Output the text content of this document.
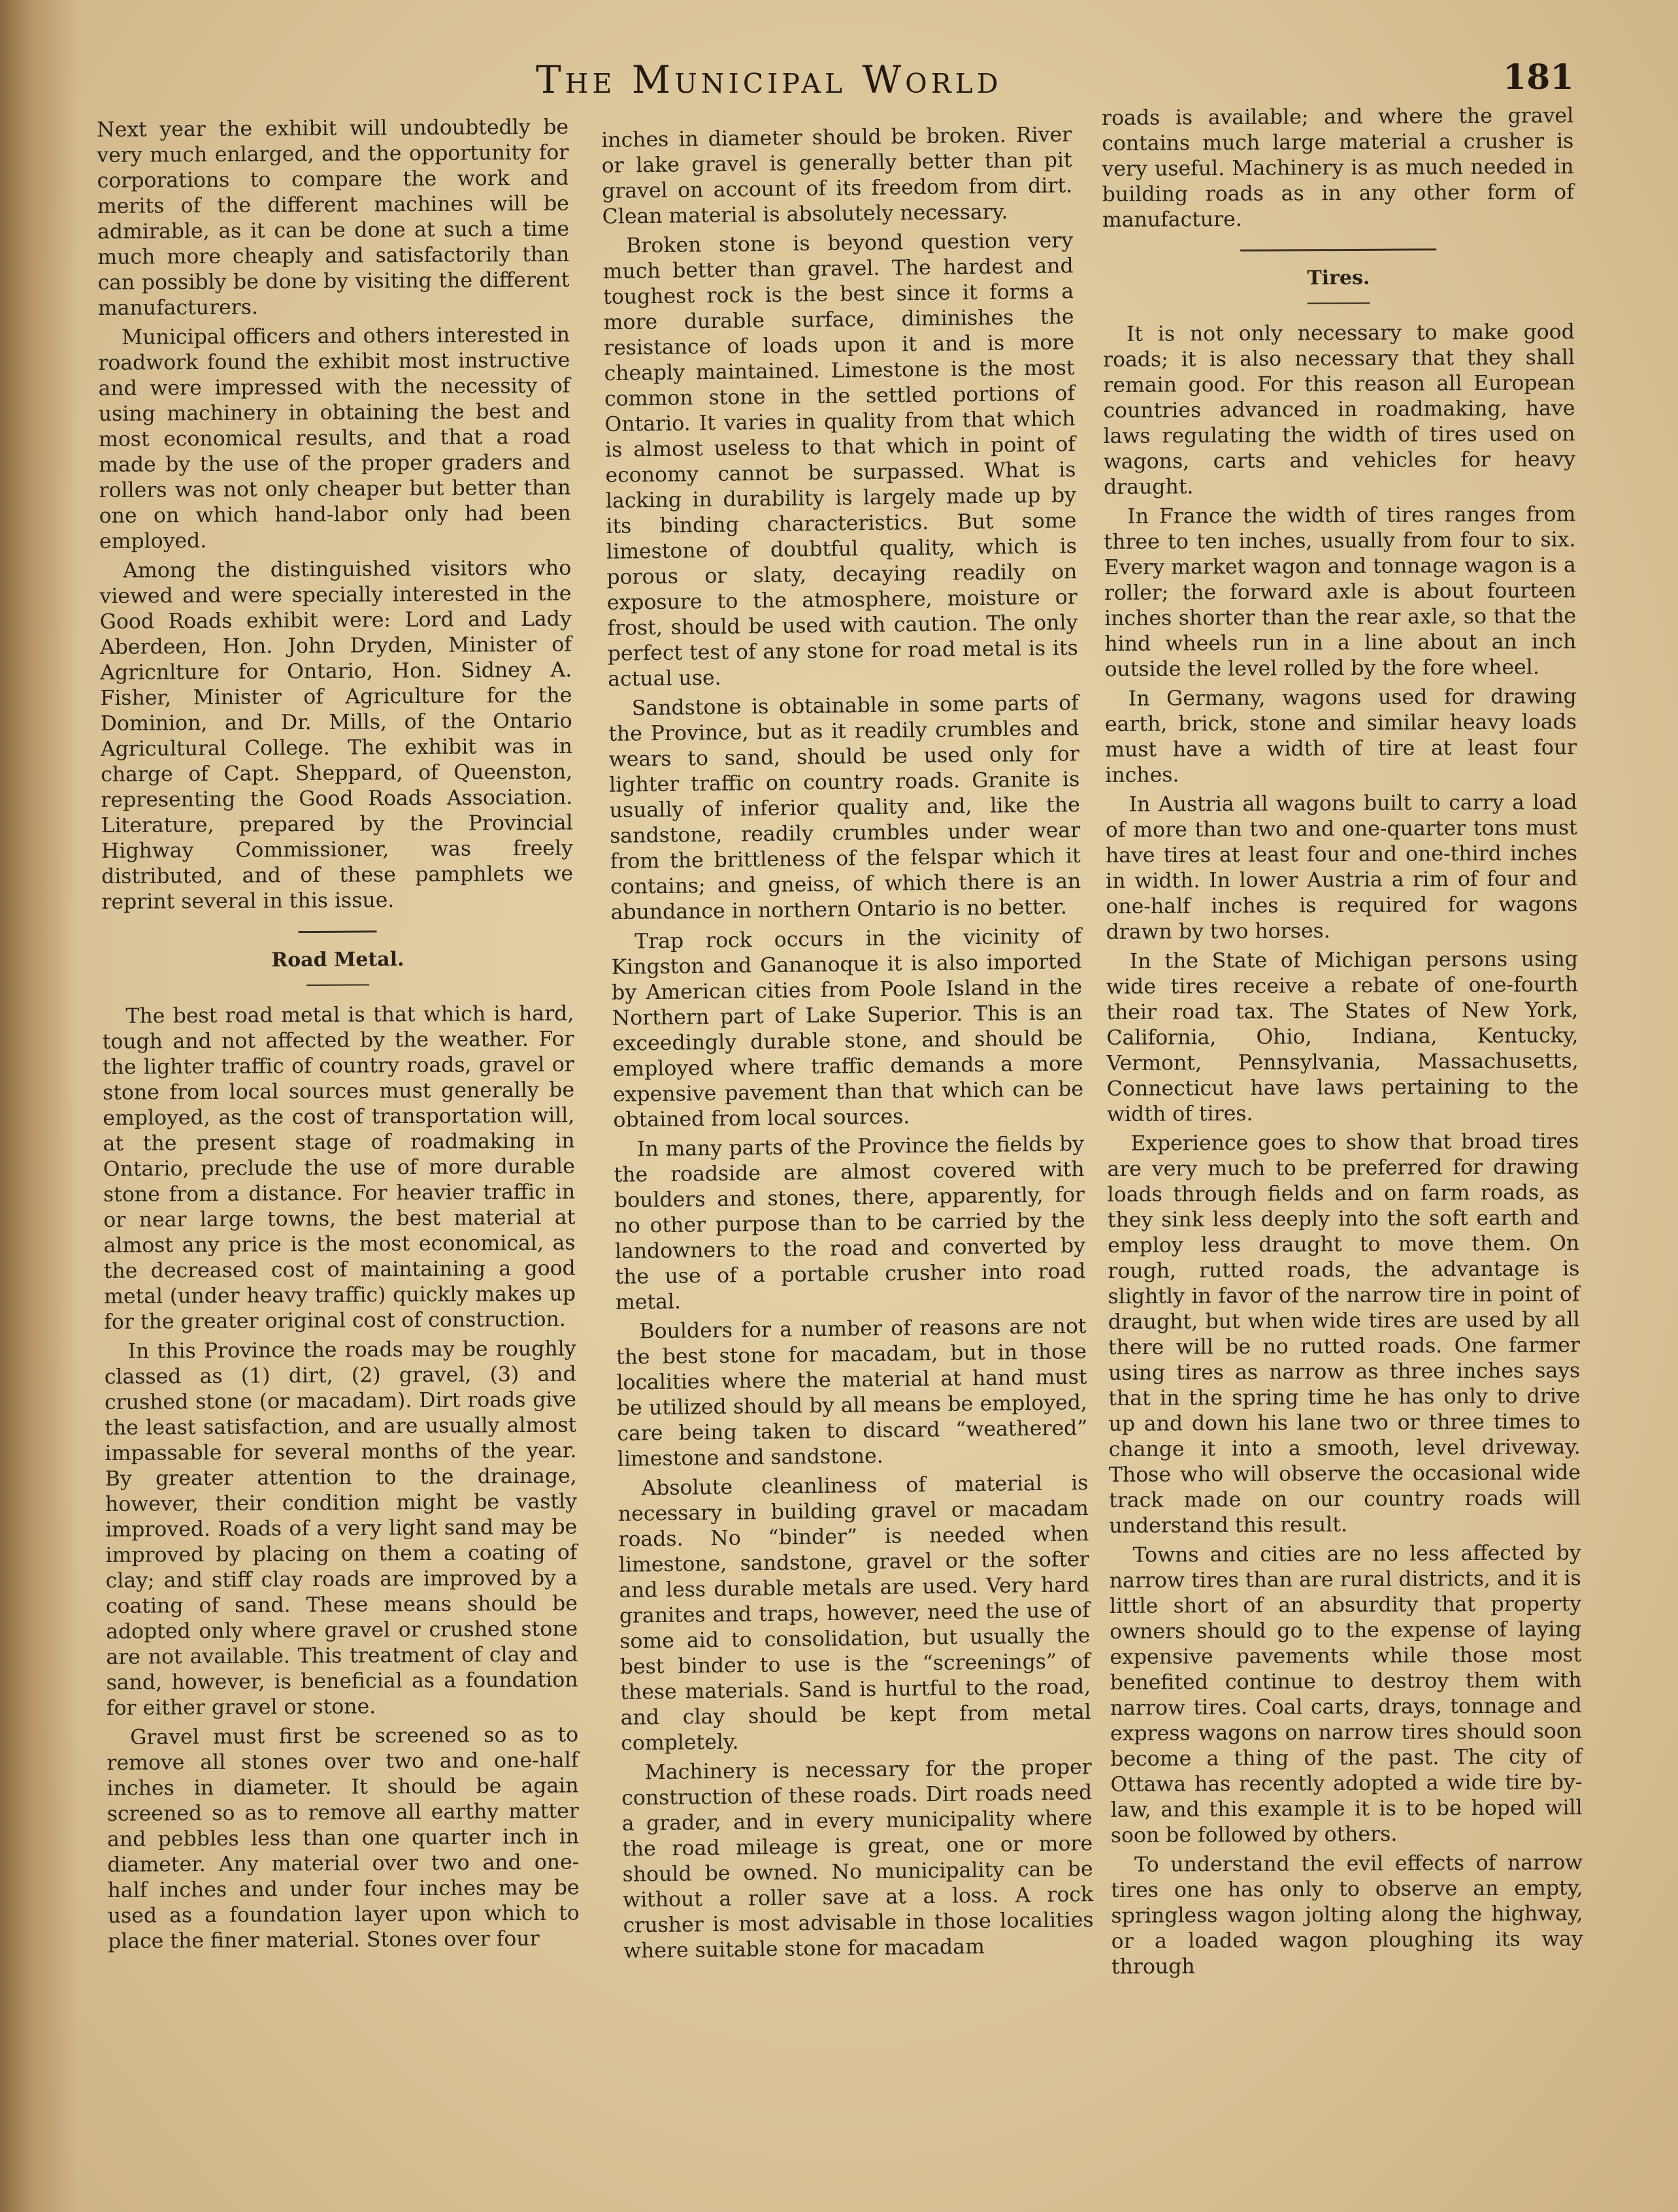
The Municipal World	181

Next year the exhibit will undoubtedly be very much enlarged, and the opportunity for corporations to compare the work and merits of the different machines will be admirable, as it can be done at such a time much more cheaply and satisfactorily than can possibly be done by visiting the different manufacturers.

Municipal officers and others interested in roadwork found the exhibit most instructive and were impressed with the necessity of using machinery in obtaining the best and most economical results, and that a road made by the use of the proper graders and rollers was not only cheaper but better than one on which hand-labor only had been employed.

Among the distinguished visitors who viewed and were specially interested in the Good Roads exhibit were: Lord and Lady Aberdeen, Hon. John Dryden, Minister of Agricnlture for Ontario, Hon. Sidney A. Fisher, Minister of Agriculture for the Dominion, and Dr. Mills, of the Ontario Agricultural College. The exhibit was in charge of Capt. Sheppard, of Queenston, representing the Good Roads Association. Literature, prepared by the Provincial Highway Commissioner, was freely distributed, and of these pamphlets we reprint several in this issue.

Road Metal.

The best road metal is that which is hard, tough and not affected by the weather. For the lighter traffic of country roads, gravel or stone from local sources must generally be employed, as the cost of transportation will, at the present stage of roadmaking in Ontario, preclude the use of more durable stone from a distance. For heavier traffic in or near large towns, the best material at almost any price is the most economical, as the decreased cost of maintaining a good metal (under heavy traffic) quickly makes up for the greater original cost of construction.

In this Province the roads may be roughly classed as (1) dirt, (2) gravel, (3) and crushed stone (or macadam). Dirt roads give the least satisfaction, and are usually almost impassable for several months of the year. By greater attention to the drainage, however, their condition might be vastly improved. Roads of a very light sand may be improved by placing on them a coating of clay; and stiff clay roads are improved by a coating of sand. These means should be adopted only where gravel or crushed stone are not available. This treatment of clay and sand, however, is beneficial as a foundation for either gravel or stone.

Gravel must first be screened so as to remove all stones over two and one-half inches in diameter. It should be again screened so as to remove all earthy matter and pebbles less than one quarter inch in diameter. Any material over two and one-half inches and under four inches may be used as a foundation layer upon which to place the finer material. Stones over four

inches in diameter should be broken. River or lake gravel is generally better than pit gravel on account of its freedom from dirt. Clean material is absolutely necessary.

Broken stone is beyond question very much better than gravel. The hardest and toughest rock is the best since it forms a more durable surface, diminishes the resistance of loads upon it and is more cheaply maintained. Limestone is the most common stone in the settled portions of Ontario. It varies in quality from that which is almost useless to that which in point of economy cannot be surpassed. What is lacking in durability is largely made up by its binding characteristics. But some limestone of doubtful quality, which is porous or slaty, decaying readily on exposure to the atmosphere, moisture or frost, should be used with caution. The only perfect test of any stone for road metal is its actual use.

Sandstone is obtainable in some parts of the Province, but as it readily crumbles and wears to sand, should be used only for lighter traffic on country roads. Granite is usually of inferior quality and, like the sandstone, readily crumbles under wear from the brittleness of the felspar which it contains; and gneiss, of which there is an abundance in northern Ontario is no better.

Trap rock occurs in the vicinity of Kingston and Gananoque it is also imported by American cities from Poole Island in the Northern part of Lake Superior. This is an exceedingly durable stone, and should be employed where traffic demands a more expensive pavement than that which can be obtained from local sources.

In many parts of the Province the fields by the roadside are almost covered with boulders and stones, there, apparently, for no other purpose than to be carried by the landowners to the road and converted by the use of a portable crusher into road metal.

Boulders for a number of reasons are not the best stone for macadam, but in those localities where the material at hand must be utilized should by all means be employed, care being taken to discard “weathered” limestone and sandstone.

Absolute cleanliness of material is necessary in building gravel or macadam roads. No “binder” is needed when limestone, sandstone, gravel or the softer and less durable metals are used. Very hard granites and traps, however, need the use of some aid to consolidation, but usually the best binder to use is the “screenings” of these materials. Sand is hurtful to the road, and clay should be kept from metal completely.

Machinery is necessary for the proper construction of these roads. Dirt roads need a grader, and in every municipality where the road mileage is great, one or more should be owned. No municipality can be without a roller save at a loss. A rock crusher is most advisable in those localities where suitable stone for macadam

roads is available; and where the gravel contains much large material a crusher is very useful. Machinery is as much needed in building roads as in any other form of manufacture.

Tires.

It is not only necessary to make good roads; it is also necessary that they shall remain good. For this reason all European countries advanced in roadmaking, have laws regulating the width of tires used on wagons, carts and vehicles for heavy draught.

In France the width of tires ranges from three to ten inches, usually from four to six. Every market wagon and tonnage wagon is a roller; the forward axle is about fourteen inches shorter than the rear axle, so that the hind wheels run in a line about an inch outside the level rolled by the fore wheel.

In Germany, wagons used for drawing earth, brick, stone and similar heavy loads must have a width of tire at least four inches.

In Austria all wagons built to carry a load of more than two and one-quarter tons must have tires at least four and one-third inches in width. In lower Austria a rim of four and one-half inches is required for wagons drawn by two horses.

In the State of Michigan persons using wide tires receive a rebate of one-fourth their road tax. The States of New York, California, Ohio, Indiana, Kentucky, Vermont, Pennsylvania, Massachusetts, Connecticut have laws pertaining to the width of tires.

Experience goes to show that broad tires are very much to be preferred for drawing loads through fields and on farm roads, as they sink less deeply into the soft earth and employ less draught to move them. On rough, rutted roads, the advantage is slightly in favor of the narrow tire in point of draught, but when wide tires are used by all there will be no rutted roads. One farmer using tires as narrow as three inches says that in the spring time he has only to drive up and down his lane two or three times to change it into a smooth, level driveway. Those who will observe the occasional wide track made on our country roads will understand this result.

Towns and cities are no less affected by narrow tires than are rural districts, and it is little short of an absurdity that property owners should go to the expense of laying expensive pavements while those most benefited continue to destroy them with narrow tires. Coal carts, drays, tonnage and express wagons on narrow tires should soon become a thing of the past. The city of Ottawa has recently adopted a wide tire by-law, and this example it is to be hoped will soon be followed by others.

To understand the evil effects of narrow tires one has only to observe an empty, springless wagon jolting along the highway, or a loaded wagon ploughing its way through
